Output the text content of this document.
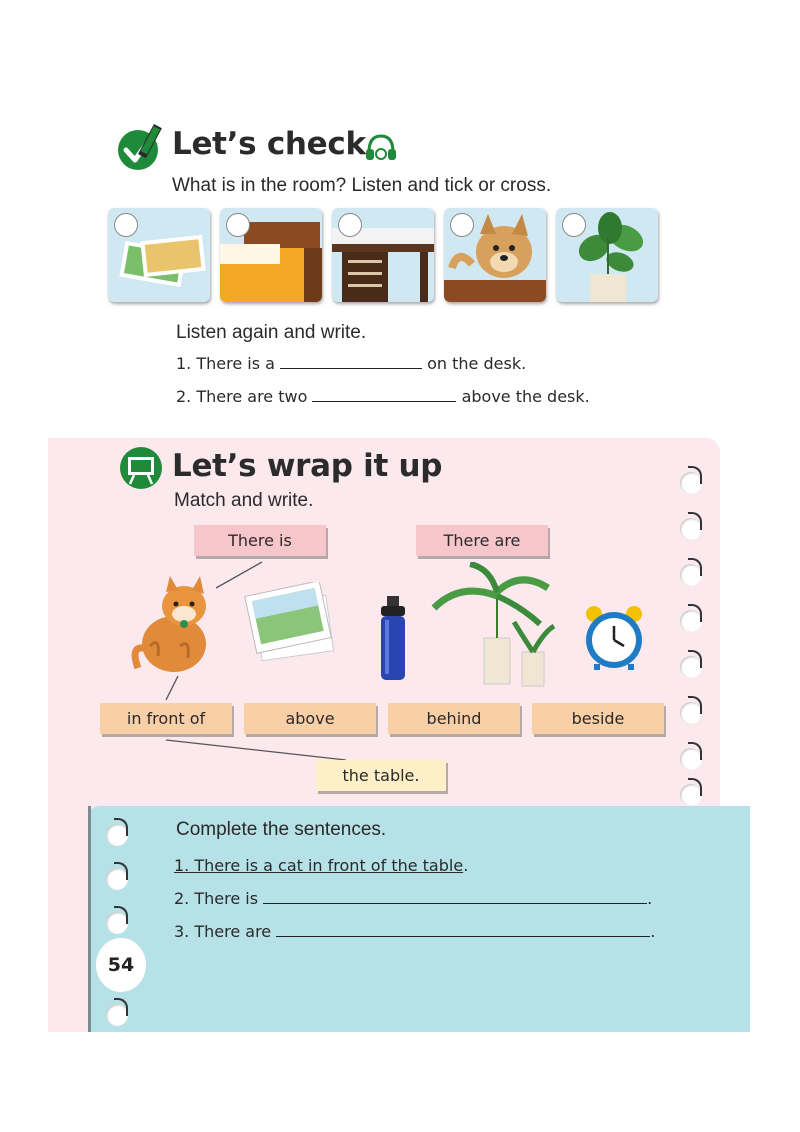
Let’s check
What is in the room? Listen and tick or cross.
Listen again and write.
1. There is a	on the desk.
2. There are two	above the desk.
Let’s wrap it up
Match and write.
There is	There are
in front of	above	behind	beside
the table.
Complete the sentences.
1. There is a cat in front of the table.
2. There is	.
3. There are	.
54
